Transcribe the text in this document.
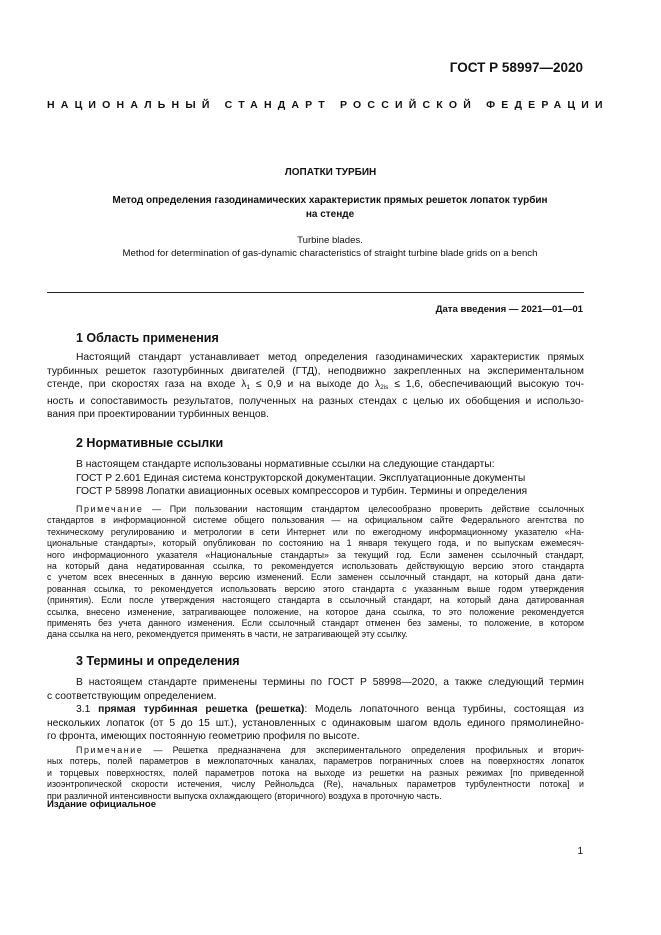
ГОСТ Р 58997—2020
НАЦИОНАЛЬНЫЙ СТАНДАРТ РОССИЙСКОЙ ФЕДЕРАЦИИ
ЛОПАТКИ ТУРБИН
Метод определения газодинамических характеристик прямых решеток лопаток турбин
на стенде
Turbine blades.
Method for determination of gas-dynamic characteristics of straight turbine blade grids on a bench
Дата введения — 2021—01—01
1 Область применения
Настоящий стандарт устанавливает метод определения газодинамических характеристик прямых
турбинных решеток газотурбинных двигателей (ГТД), неподвижно закрепленных на экспериментальном
стенде, при скоростях газа на входе $\lambda_1 \le 0,9$ и на выходе до $\lambda_{2is} \le 1,6$, обеспечивающий высокую точ-
ность и сопоставимость результатов, полученных на разных стендах с целью их обобщения и использо-
вания при проектировании турбинных венцов.
2 Нормативные ссылки
В настоящем стандарте использованы нормативные ссылки на следующие стандарты:
ГОСТ Р 2.601 Единая система конструкторской документации. Эксплуатационные документы
ГОСТ Р 58998 Лопатки авиационных осевых компрессоров и турбин. Термины и определения
Примечание — При пользовании настоящим стандартом целесообразно проверить действие ссылочных
стандартов в информационной системе общего пользования — на официальном сайте Федерального агентства по
техническому регулированию и метрологии в сети Интернет или по ежегодному информационному указателю «На-
циональные стандарты», который опубликован по состоянию на 1 января текущего года, и по выпускам ежемесяч-
ного информационного указателя «Национальные стандарты» за текущий год. Если заменен ссылочный стандарт,
на который дана недатированная ссылка, то рекомендуется использовать действующую версию этого стандарта
с учетом всех внесенных в данную версию изменений. Если заменен ссылочный стандарт, на который дана дати-
рованная ссылка, то рекомендуется использовать версию этого стандарта с указанным выше годом утверждения
(принятия). Если после утверждения настоящего стандарта в ссылочный стандарт, на который дана датированная
ссылка, внесено изменение, затрагивающее положение, на которое дана ссылка, то это положение рекомендуется
применять без учета данного изменения. Если ссылочный стандарт отменен без замены, то положение, в котором
дана ссылка на него, рекомендуется применять в части, не затрагивающей эту ссылку.
3 Термины и определения
В настоящем стандарте применены термины по ГОСТ Р 58998—2020, а также следующий термин
с соответствующим определением.
3.1 прямая турбинная решетка (решетка): Модель лопаточного венца турбины, состоящая из
нескольких лопаток (от 5 до 15 шт.), установленных с одинаковым шагом вдоль единого прямолинейно-
го фронта, имеющих постоянную геометрию профиля по высоте.
Примечание — Решетка предназначена для экспериментального определения профильных и вторич-
ных потерь, полей параметров в межлопаточных каналах, параметров пограничных слоев на поверхностях лопаток
и торцевых поверхностях, полей параметров потока на выходе из решетки на разных режимах [по приведенной
изоэнтропической скорости истечения, числу Рейнольдса (Re), начальных параметров турбулентности потока] и
при различной интенсивности выпуска охлаждающего (вторичного) воздуха в проточную часть.
Издание официальное
1
